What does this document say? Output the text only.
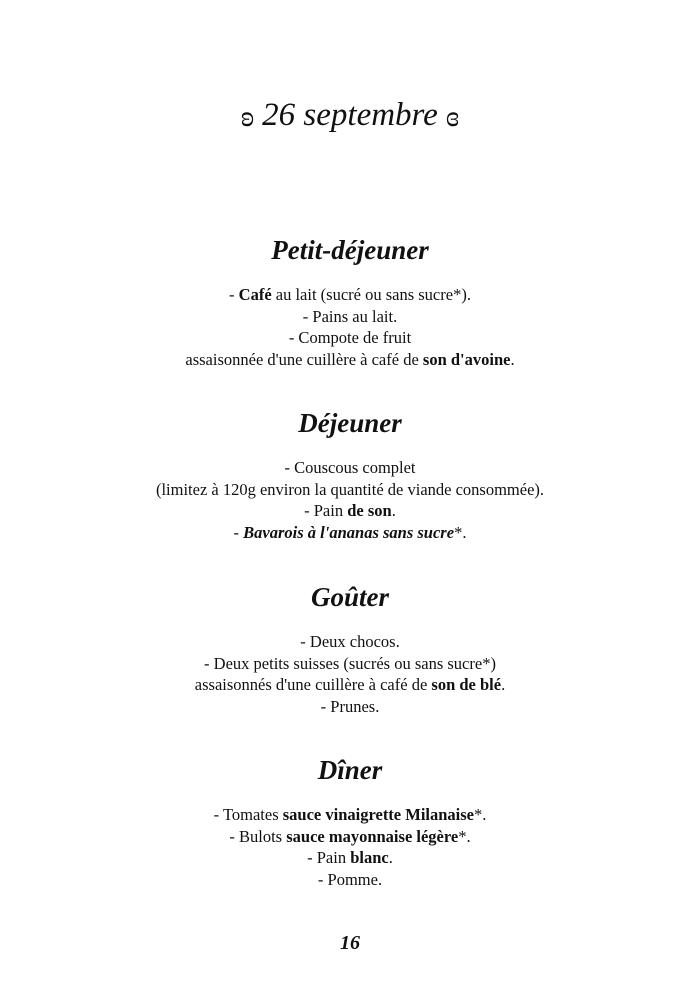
ʚ 26 septembre ɞ
Petit-déjeuner
- Café au lait (sucré ou sans sucre*).
- Pains au lait.
- Compote de fruit
assaisonnée d'une cuillère à café de son d'avoine.
Déjeuner
- Couscous complet
(limitez à 120g environ la quantité de viande consommée).
- Pain de son.
- Bavarois à l'ananas sans sucre*.
Goûter
- Deux chocos.
- Deux petits suisses (sucrés ou sans sucre*)
assaisonnés d'une cuillère à café de son de blé.
- Prunes.
Dîner
- Tomates sauce vinaigrette Milanaise*.
- Bulots sauce mayonnaise légère*.
- Pain blanc.
- Pomme.
16
